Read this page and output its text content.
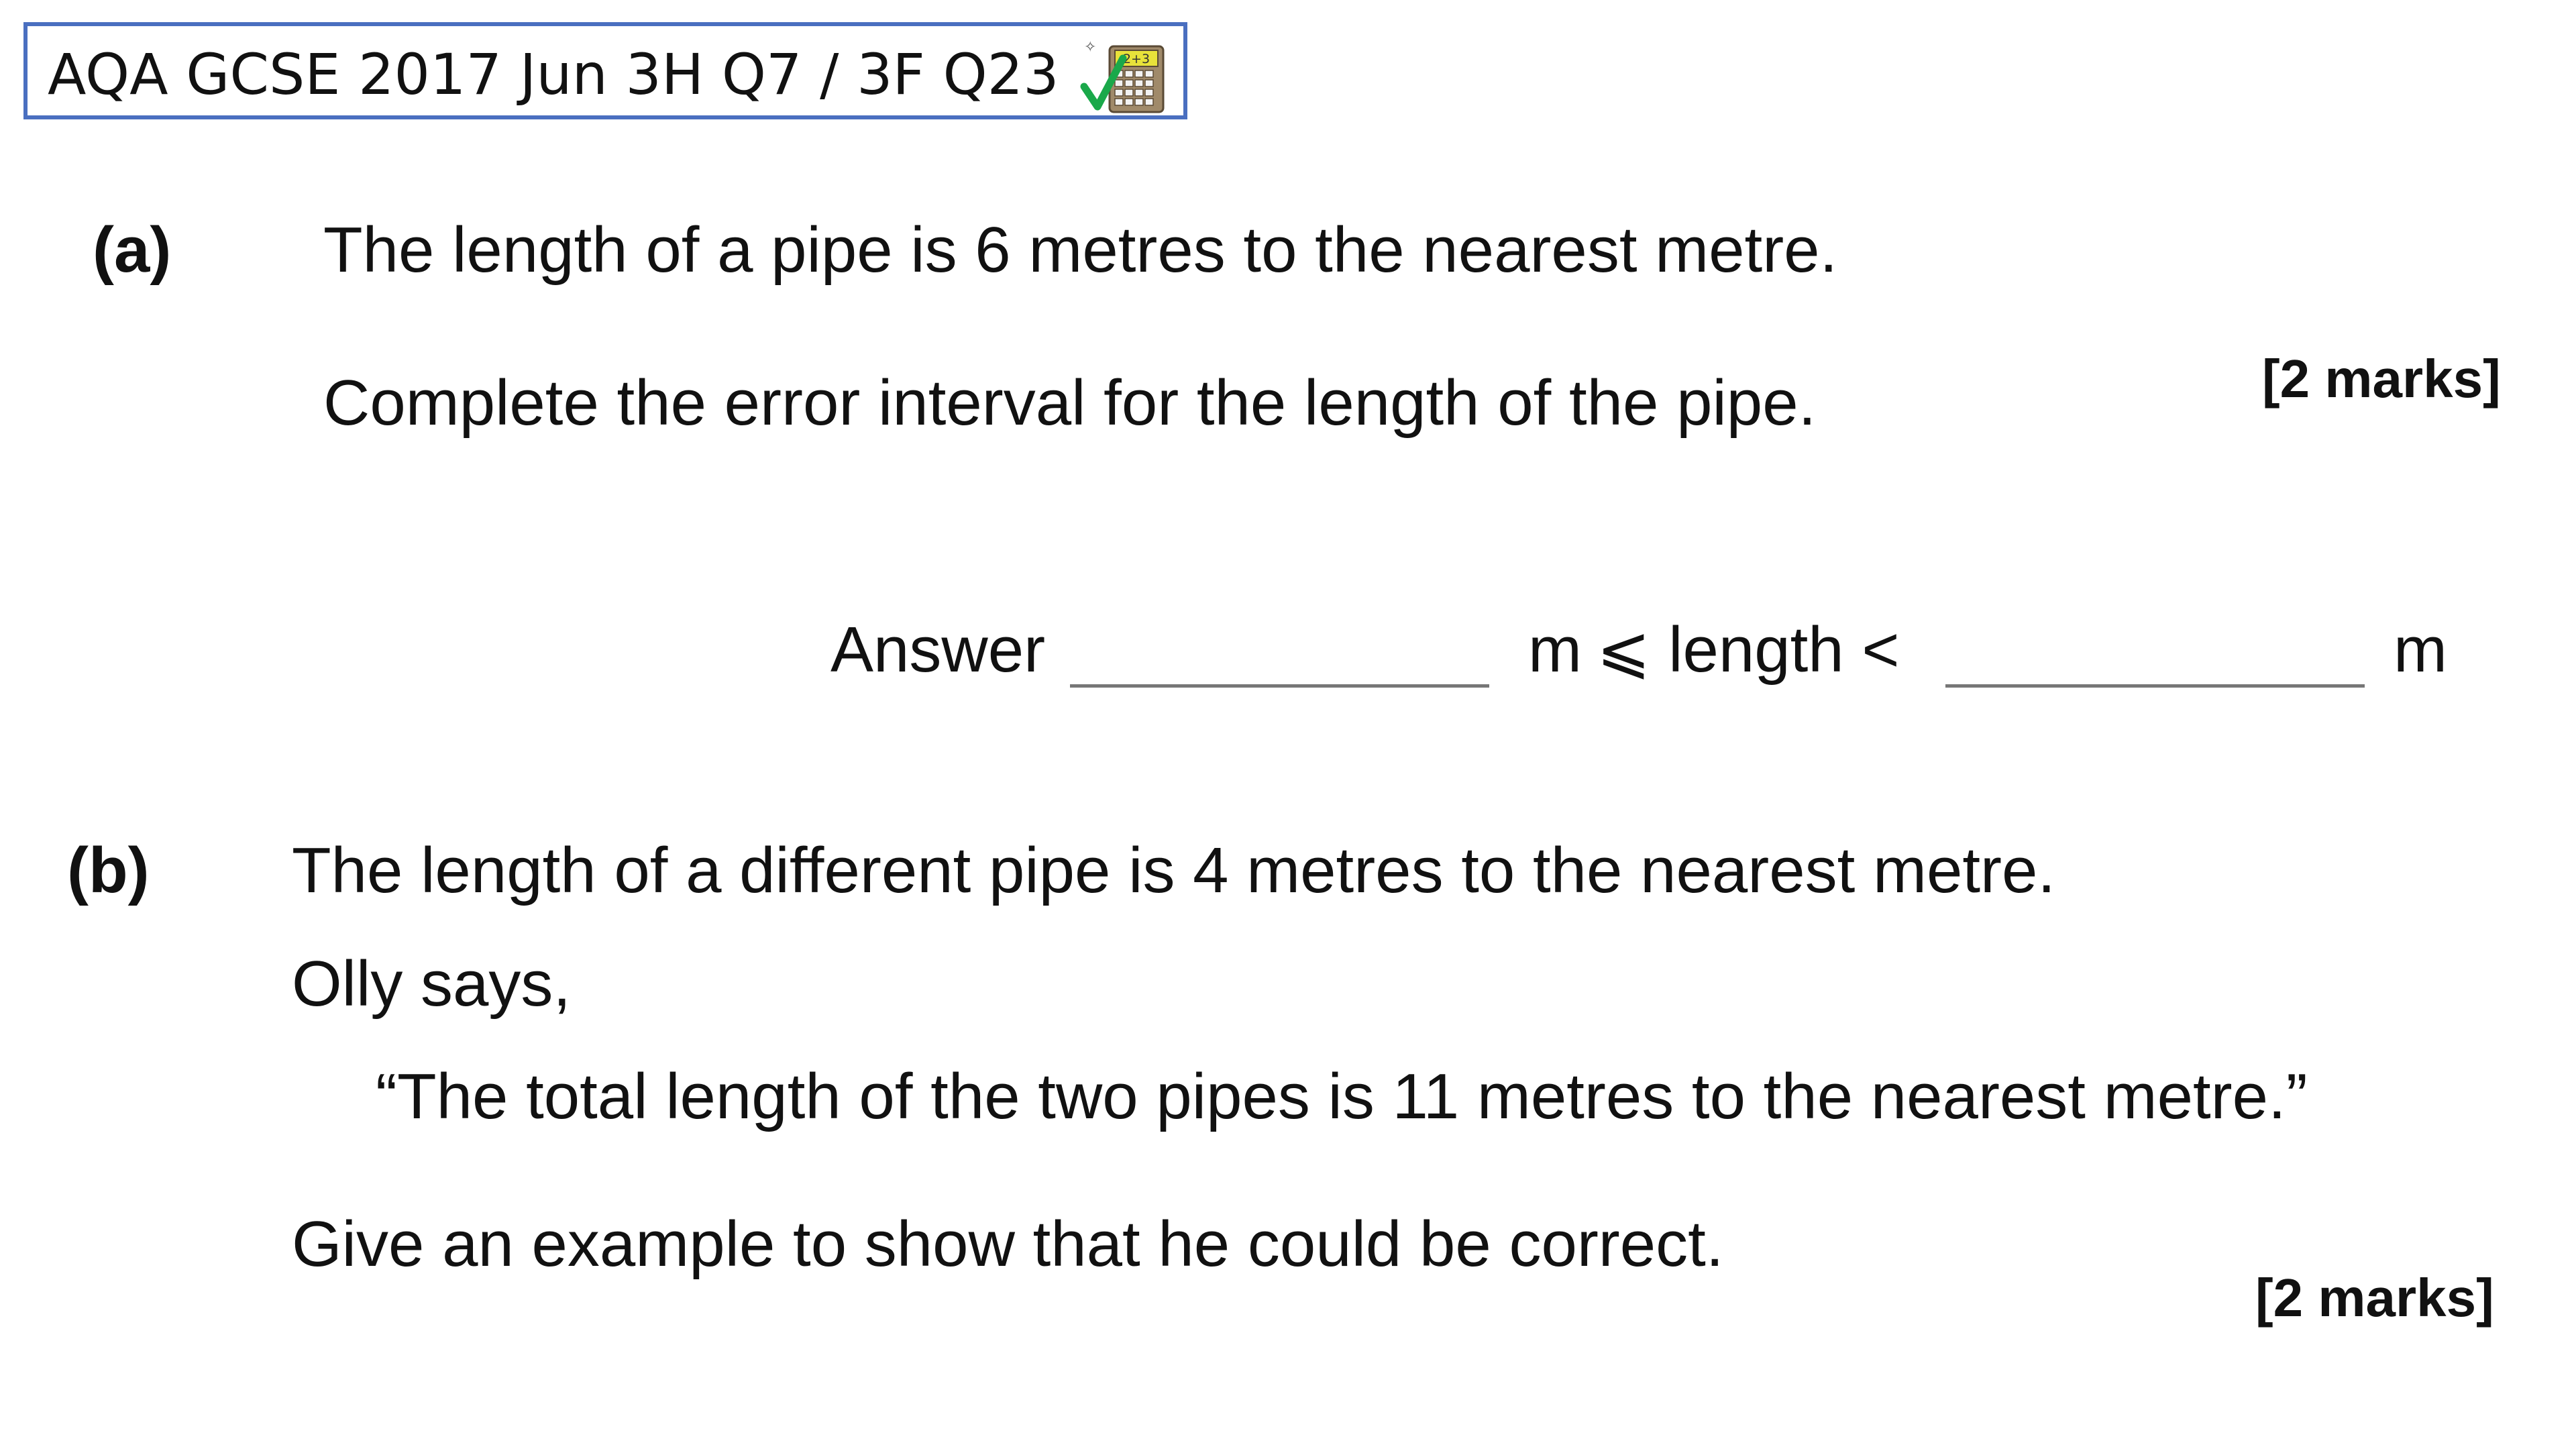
AQA GCSE 2017 Jun 3H Q7 / 3F Q23 ✧
2+3
(a) The length of a pipe is 6 metres to the nearest metre.
Complete the error interval for the length of the pipe.	[2 marks]
Answer	m ⩽ length <	m
(b) The length of a different pipe is 4 metres to the nearest metre.
Olly says,
“The total length of the two pipes is 11 metres to the nearest metre.”
Give an example to show that he could be correct.
[2 marks]
